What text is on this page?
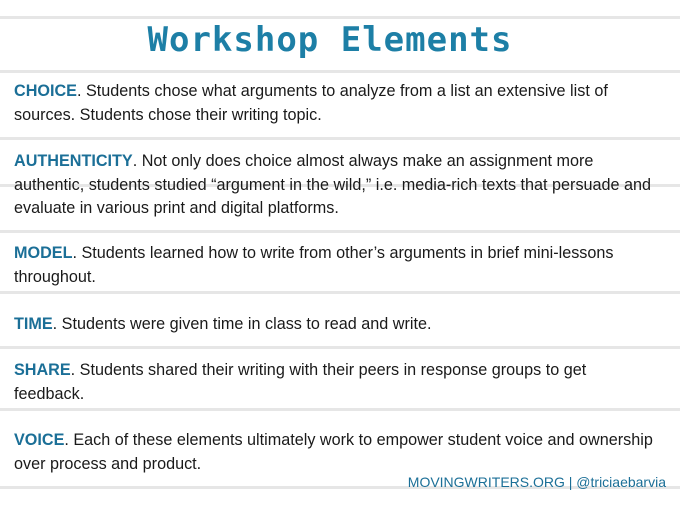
Workshop Elements
CHOICE. Students chose what arguments to analyze from a list an extensive list of sources. Students chose their writing topic.
AUTHENTICITY. Not only does choice almost always make an assignment more authentic, students studied “argument in the wild,” i.e. media-rich texts that persuade and evaluate in various print and digital platforms.
MODEL. Students learned how to write from other’s arguments in brief mini-lessons throughout.
TIME. Students were given time in class to read and write.
SHARE. Students shared their writing with their peers in response groups to get feedback.
VOICE. Each of these elements ultimately work to empower student voice and ownership over process and product.
MOVINGWRITERS.ORG | @triciaebarvia
